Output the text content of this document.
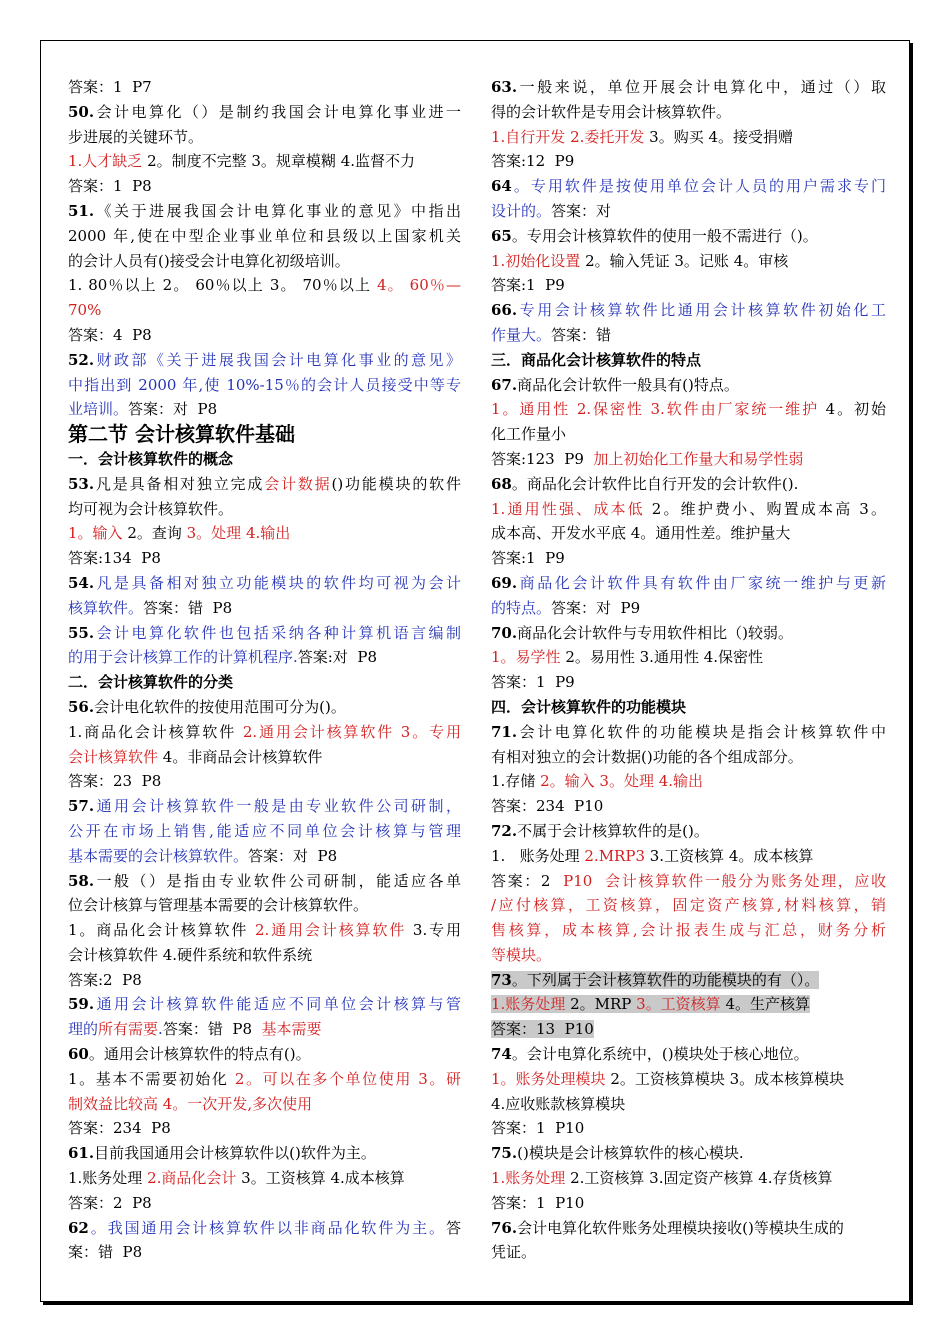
答案：1  P7
50.会计电算化（）是制约我国会计电算化事业进一
步进展的关键环节。
1.人才缺乏 2。制度不完整 3。规章模糊 4.监督不力
答案：1  P8
51.《关于进展我国会计电算化事业的意见》中指出
2000 年,使在中型企业事业单位和县级以上国家机关
的会计人员有()接受会计电算化初级培训。
1. 80％以上 2。 60％以上 3。 70％以上 4。 60％—
70%
答案：4  P8
52.财政部《关于进展我国会计电算化事业的意见》
中指出到 2000 年,使 10%-15％的会计人员接受中等专
业培训。答案：对  P8
第二节 会计核算软件基础
一．会计核算软件的概念
53.凡是具备相对独立完成会计数据()功能模块的软件
均可视为会计核算软件。
1。输入 2。查询 3。处理 4.输出
答案:134  P8
54.凡是具备相对独立功能模块的软件均可视为会计
核算软件。答案：错  P8
55.会计电算化软件也包括采纳各种计算机语言编制
的用于会计核算工作的计算机程序.答案:对  P8
二．会计核算软件的分类
56.会计电化软件的按使用范围可分为()。
1.商品化会计核算软件 2.通用会计核算软件 3。专用
会计核算软件 4。非商品会计核算软件
答案：23  P8
57.通用会计核算软件一般是由专业软件公司研制，
公开在市场上销售,能适应不同单位会计核算与管理
基本需要的会计核算软件。答案：对  P8
58.一般（）是指由专业软件公司研制，能适应各单
位会计核算与管理基本需要的会计核算软件。
1。商品化会计核算软件 2.通用会计核算软件 3.专用
会计核算软件 4.硬件系统和软件系统
答案:2  P8
59.通用会计核算软件能适应不同单位会计核算与管
理的所有需要.答案：错  P8  基本需要
60。通用会计核算软件的特点有()。
1。基本不需要初始化 2。可以在多个单位使用 3。研
制效益比较高 4。一次开发,多次使用
答案：234  P8
61.目前我国通用会计核算软件以()软件为主。
1.账务处理 2.商品化会计 3。工资核算 4.成本核算
答案：2  P8
62。我国通用会计核算软件以非商品化软件为主。答
案：错  P8
63.一般来说，单位开展会计电算化中，通过（）取
得的会计软件是专用会计核算软件。
1.自行开发 2.委托开发 3。购买 4。接受捐赠
答案:12  P9
64。专用软件是按使用单位会计人员的用户需求专门
设计的。答案：对
65。专用会计核算软件的使用一般不需进行（)。
1.初始化设置 2。输入凭证 3。记账 4。审核
答案:1  P9
66.专用会计核算软件比通用会计核算软件初始化工
作量大。答案：错
三．商品化会计核算软件的特点
67.商品化会计软件一般具有()特点。
1。通用性 2.保密性 3.软件由厂家统一维护 4。初始
化工作量小
答案:123  P9  加上初始化工作量大和易学性弱
68。商品化会计软件比自行开发的会计软件().
1.通用性强、成本低 2。维护费小、购置成本高 3。
成本高、开发水平底 4。通用性差。维护量大
答案:1  P9
69.商品化会计软件具有软件由厂家统一维护与更新
的特点。答案：对  P9
70.商品化会计软件与专用软件相比（)较弱。
1。易学性 2。易用性 3.通用性 4.保密性
答案：1  P9
四．会计核算软件的功能模块
71.会计电算化软件的功能模块是指会计核算软件中
有相对独立的会计数据()功能的各个组成部分。
1.存储 2。输入 3。处理 4.输出
答案：234  P10
72.不属于会计核算软件的是()。
1.   账务处理 2.MRP3 3.工资核算 4。成本核算
答案：2  P10  会计核算软件一般分为账务处理，应收
/应付核算，工资核算，固定资产核算,材料核算，销
售核算，成本核算,会计报表生成与汇总，财务分析
等模块。
73。下列属于会计核算软件的功能模块的有（）。
1.账务处理 2。MRP 3。工资核算 4。生产核算
答案：13  P10
74。会计电算化系统中，()模块处于核心地位。
1。账务处理模块 2。工资核算模块 3。成本核算模块
4.应收账款核算模块
答案：1  P10
75.()模块是会计核算软件的核心模块.
1.账务处理 2.工资核算 3.固定资产核算 4.存货核算
答案：1  P10
76.会计电算化软件账务处理模块接收()等模块生成的
凭证。
